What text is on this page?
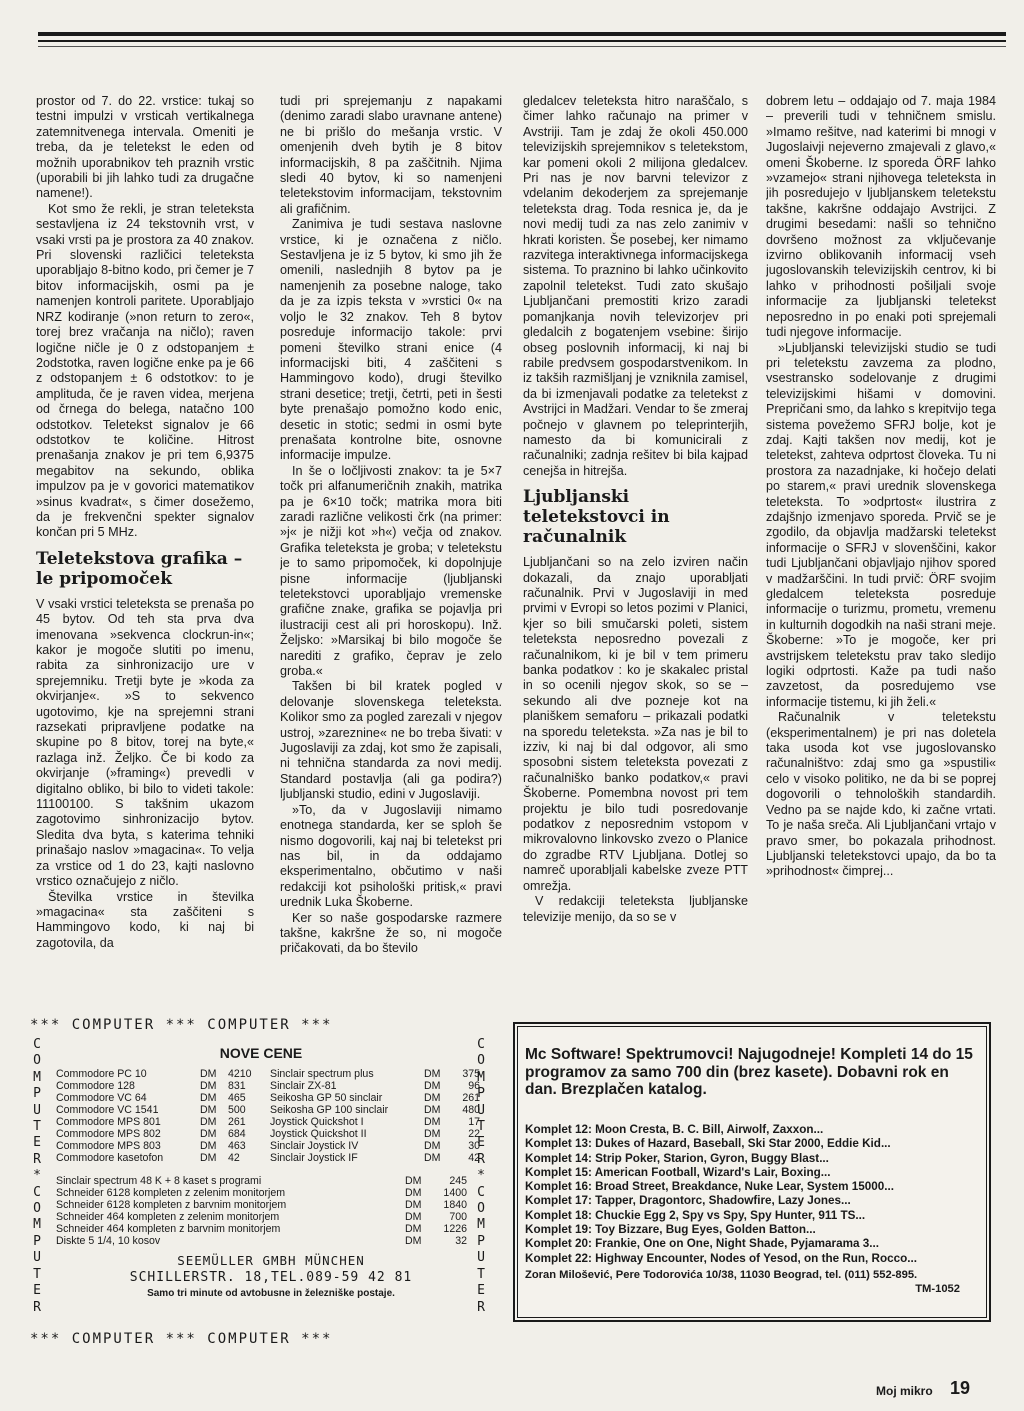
prostor od 7. do 22. vrstice: tukaj so testni impulzi v vrsticah vertikalnega zatemnitvenega intervala. Omeniti je treba, da je teletekst le eden od možnih uporabnikov teh praznih vrstic (uporabili bi jih lahko tudi za drugačne namene!).

Kot smo že rekli, je stran teleteksta sestavljena iz 24 tekstovnih vrst, v vsaki vrsti pa je prostora za 40 znakov. Pri slovenski različici teleteksta uporabljajo 8-bitno kodo, pri čemer je 7 bitov informacijskih, osmi pa je namenjen kontroli paritete. Uporabljajo NRZ kodiranje (»non return to zero«, torej brez vračanja na ničlo); raven logične ničle je 0 z odstopanjem ± 2odstotka, raven logične enke pa je 66 z odstopanjem ± 6 odstotkov: to je amplituda, če je raven videa, merjena od črnega do belega, natačno 100 odstotkov. Teletekst signalov je 66 odstotkov te količine. Hitrost prenašanja znakov je pri tem 6,9375 megabitov na sekundo, oblika impulzov pa je v govorici matematikov »sinus kvadrat«, s čimer dosežemo, da je frekvenčni spekter signalov končan pri 5 MHz.

Teletekstova grafika – le pripomoček

V vsaki vrstici teleteksta se prenaša po 45 bytov. Od teh sta prva dva imenovana »sekvenca clockrun-in«; kakor je mogoče slutiti po imenu, rabita za sinhronizacijo ure v sprejemniku. Tretji byte je »koda za okvirjanje«. »S to sekvenco ugotovimo, kje na sprejemni strani razsekati pripravljene podatke na skupine po 8 bitov, torej na byte,« razlaga inž. Željko. Če bi kodo za okvirjanje (»framing«) prevedli v digitalno obliko, bi bilo to videti takole: 11100100. S takšnim ukazom zagotovimo sinhronizacijo bytov. Sledita dva byta, s katerima tehniki prinašajo naslov »magacina«. To velja za vrstice od 1 do 23, kajti naslovno vrstico označujejo z ničlo.

Številka vrstice in številka »magacina« sta zaščiteni s Hammingovo kodo, ki naj bi zagotovila, da

tudi pri sprejemanju z napakami (denimo zaradi slabo uravnane antene) ne bi prišlo do mešanja vrstic. V omenjenih dveh bytih je 8 bitov informacijskih, 8 pa zaščitnih. Njima sledi 40 bytov, ki so namenjeni teletekstovim informacijam, tekstovnim ali grafičnim.

Zanimiva je tudi sestava naslovne vrstice, ki je označena z ničlo. Sestavljena je iz 5 bytov, ki smo jih že omenili, naslednjih 8 bytov pa je namenjenih za posebne naloge, tako da je za izpis teksta v »vrstici 0« na voljo le 32 znakov. Teh 8 bytov posreduje informacijo takole: prvi pomeni številko strani enice (4 informacijski biti, 4 zaščiteni s Hammingovo kodo), drugi številko strani desetice; tretji, četrti, peti in šesti byte prenašajo pomožno kodo enic, desetic in stotic; sedmi in osmi byte prenašata kontrolne bite, osnovne informacije impulze.

In še o ločljivosti znakov: ta je 5×7 točk pri alfanumeričnih znakih, matrika pa je 6×10 točk; matrika mora biti zaradi različne velikosti črk (na primer: »j« je nižji kot »h«) večja od znakov. Grafika teleteksta je groba; v teletekstu je to samo pripomoček, ki dopolnjuje pisne informacije (ljubljanski teletekstovci uporabljajo vremenske grafične znake, grafika se pojavlja pri ilustraciji cest ali pri horoskopu). Inž. Željsko: »Marsikaj bi bilo mogoče še narediti z grafiko, čeprav je zelo groba.«

Takšen bi bil kratek pogled v delovanje slovenskega teleteksta. Kolikor smo za pogled zarezali v njegov ustroj, »zareznine« ne bo treba šivati: v Jugoslaviji za zdaj, kot smo že zapisali, ni tehnična standarda za novi medij. Standard postavlja (ali ga podira?) ljubljanski studio, edini v Jugoslaviji.

»To, da v Jugoslaviji nimamo enotnega standarda, ker se sploh še nismo dogovorili, kaj naj bi teletekst pri nas bil, in da oddajamo eksperimentalno, občutimo v naši redakciji kot psihološki pritisk,« pravi urednik Luka Škoberne.

Ker so naše gospodarske razmere takšne, kakršne že so, ni mogoče pričakovati, da bo število

gledalcev teleteksta hitro naraščalo, s čimer lahko računajo na primer v Avstriji. Tam je zdaj že okoli 450.000 televizijskih sprejemnikov s teletekstom, kar pomeni okoli 2 milijona gledalcev. Pri nas je nov barvni televizor z vdelanim dekoderjem za sprejemanje teleteksta drag. Toda resnica je, da je novi medij tudi za nas zelo zanimiv v hkrati koristen. Še posebej, ker nimamo razvitega interaktivnega informacijskega sistema. To praznino bi lahko učinkovito zapolnil teletekst. Tudi zato skušajo Ljubljančani premostiti krizo zaradi pomanjkanja novih televizorjev pri gledalcih z bogatenjem vsebine: širijo obseg poslovnih informacij, ki naj bi rabile predvsem gospodarstvenikom. In iz takših razmišljanj je vzniknila zamisel, da bi izmenjavali podatke za teletekst z Avstrijci in Madžari. Vendar to še zmeraj počnejo v glavnem po teleprinterjih, namesto da bi komunicirali z računalniki; zadnja rešitev bi bila kajpad cenejša in hitrejša.

Ljubljanski teletekstovci in računalnik

Ljubljančani so na zelo izviren način dokazali, da znajo uporabljati računalnik. Prvi v Jugoslaviji in med prvimi v Evropi so letos pozimi v Planici, kjer so bili smučarski poleti, sistem teleteksta neposredno povezali z računalnikom, ki je bil v tem primeru banka podatkov : ko je skakalec pristal in so ocenili njegov skok, so se – sekundo ali dve pozneje kot na planiškem semaforu – prikazali podatki na sporedu teleteksta. »Za nas je bil to izziv, ki naj bi dal odgovor, ali smo sposobni sistem teleteksta povezati z računalniško banko podatkov,« pravi Škoberne. Pomembna novost pri tem projektu je bilo tudi posredovanje podatkov z neposrednim vstopom v mikrovalovno linkovsko zvezo o Planice do zgradbe RTV Ljubljana. Dotlej so namreč uporabljali kabelske zveze PTT omrežja.

V redakciji teleteksta ljubljanske televizije menijo, da so se v

dobrem letu – oddajajo od 7. maja 1984 – preverili tudi v tehničnem smislu. »Imamo rešitve, nad katerimi bi mnogi v Jugoslaivji neјеverno zmajevali z glavo,« omeni Škoberne. Iz sporeda ÖRF lahko »vzamejo« strani njihovega teleteksta in jih posredujejo v ljubljanskem teletekstu takšne, kakršne oddajajo Avstrijci. Z drugimi besedami: našli so tehnično dovršeno možnost za vključevanje izvirno oblikovanih informacij vseh jugoslovanskih televizijskih centrov, ki bi lahko v prihodnosti pošiljali svoje informacije za ljubljanski teletekst neposredno in po enaki poti sprejemali tudi njegove informacije.

»Ljubljanski televizijski studio se tudi pri teletekstu zavzema za plodno, vsestransko sodelovanje z drugimi televizijskimi hišami v domovini. Prepričani smo, da lahko s krepitvijo tega sistema povežemo SFRJ bolje, kot je zdaj. Kajti takšen nov medij, kot je teletekst, zahteva odprtost človeka. Tu ni prostora za nazadnjake, ki hočejo delati po starem,« pravi urednik slovenskega teleteksta. To »odprtost« ilustrira z zdajšnjo izmenjavo sporeda. Prvič se je zgodilo, da objavlja madžarski teletekst informacije o SFRJ v slovenščini, kakor tudi Ljubljančani objavljajo njihov spored v madžarščini. In tudi prvič: ÖRF svojim gledalcem teleteksta posreduje informacije o turizmu, prometu, vremenu in kulturnih dogodkih na naši strani meje. Škoberne: »To je mogoče, ker pri avstrijskem teletekstu prav tako sledijo logiki odprtosti. Kaže pa tudi našo zavzetost, da posredujemo vse informacije tistemu, ki jih želi.«

Računalnik v teletekstu (eksperimentalnem) je pri nas doletela taka usoda kot vse jugoslovansko računalništvo: zdaj smo ga »spustili« celo v visoko politiko, ne da bi se poprej dogovorili o tehnoloških standardih. Vedno pa se najde kdo, ki začne vrtati. To je naša sreča. Ali Ljubljančani vrtajo v pravo smer, bo pokazala prihodnost. Ljubljanski teletekstovci upajo, da bo ta »prihodnost« čimprej...

*** COMPUTER *** COMPUTER ***
C
O
M
P
U
T
E
R
*
C
O
M
P
U
T
E
R
C
O
M
P
U
T
E
R
*
C
O
M
P
U
T
E
R
NOVE CENE
Commodore PC 10	DM	4210	Sinclair spectrum plus	DM	375
Commodore 128	DM	831	Sinclair ZX-81	DM	96
Commodore VC 64	DM	465	Seikosha GP 50 sinclair	DM	261
Commodore VC 1541	DM	500	Seikosha GP 100 sinclair	DM	480
Commodore MPS 801	DM	261	Joystick Quickshot I	DM	17
Commodore MPS 802	DM	684	Joystick Quickshot II	DM	22
Commodore MPS 803	DM	463	Sinclair Joystick IV	DM	30
Commodore kasetofon	DM	42	Sinclair Joystick IF	DM	42
Sinclair spectrum 48 K + 8 kaset s programi	DM	245
Schneider 6128 kompleten z zelenim monitorjem	DM	1400
Schneider 6128 kompleten z barvnim monitorjem	DM	1840
Schneider 464 kompleten z zelenim monitorjem	DM	700
Schneider 464 kompleten z barvnim monitorjem	DM	1226
Diskte 5 1/4, 10 kosov	DM	32
SEEMÜLLER GMBH MÜNCHEN
SCHILLERSTR. 18,TEL.089-59 42 81
Samo tri minute od avtobusne in železniške postaje.
*** COMPUTER *** COMPUTER ***
Mc Software! Spektrumovci! Najugodneje! Kompleti 14 do 15 programov za samo 700 din (brez kasete). Dobavni rok en dan. Brezplačen katalog.
Komplet 12: Moon Cresta, B. C. Bill, Airwolf, Zaxxon...
Komplet 13: Dukes of Hazard, Baseball, Ski Star 2000, Eddie Kid...
Komplet 14: Strip Poker, Starion, Gyron, Buggy Blast...
Komplet 15: American Football, Wizard's Lair, Boxing...
Komplet 16: Broad Street, Breakdance, Nuke Lear, System 15000...
Komplet 17: Tapper, Dragontorc, Shadowfire, Lazy Jones...
Komplet 18: Chuckie Egg 2, Spy vs Spy, Spy Hunter, 911 TS...
Komplet 19: Toy Bizzare, Bug Eyes, Golden Batton...
Komplet 20: Frankie, One on One, Night Shade, Pyjamarama 3...
Komplet 22: Highway Encounter, Nodes of Yesod, on the Run, Rocco...
Zoran Milošević, Pere Todorovića 10/38, 11030 Beograd, tel. (011) 552-895.
TM-1052
Moj mikro 19
